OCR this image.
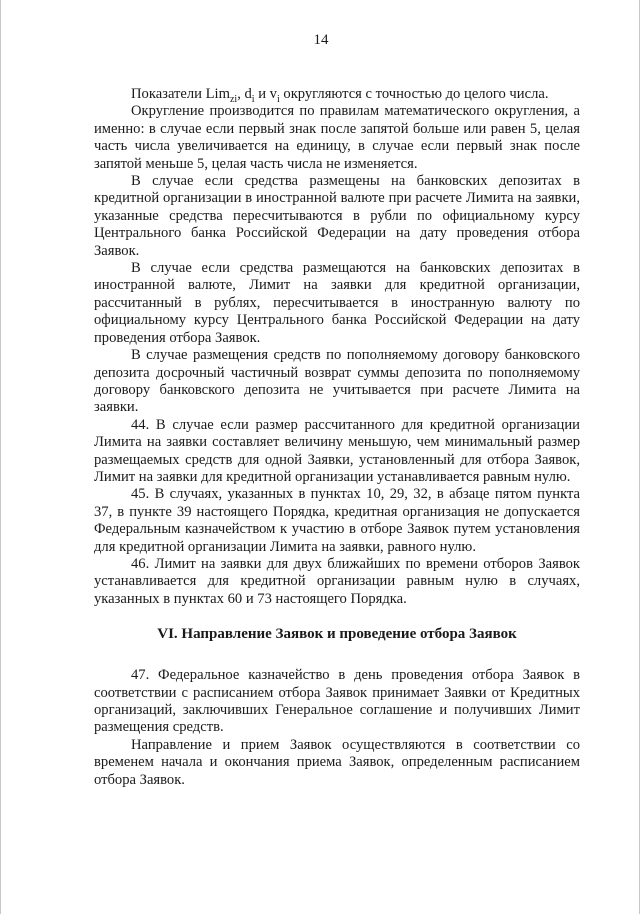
14

Показатели Lim$_{zi}$, $d_i$ и $v_i$ округляются с точностью до целого числа.

Округление производится по правилам математического округления, а именно: в случае если первый знак после запятой больше или равен 5, целая часть числа увеличивается на единицу, в случае если первый знак после запятой меньше 5, целая часть числа не изменяется.

В случае если средства размещены на банковских депозитах в кредитной организации в иностранной валюте при расчете Лимита на заявки, указанные средства пересчитываются в рубли по официальному курсу Центрального банка Российской Федерации на дату проведения отбора Заявок.

В случае если средства размещаются на банковских депозитах в иностранной валюте, Лимит на заявки для кредитной организации, рассчитанный в рублях, пересчитывается в иностранную валюту по официальному курсу Центрального банка Российской Федерации на дату проведения отбора Заявок.

В случае размещения средств по пополняемому договору банковского депозита досрочный частичный возврат суммы депозита по пополняемому договору банковского депозита не учитывается при расчете Лимита на заявки.

44. В случае если размер рассчитанного для кредитной организации Лимита на заявки составляет величину меньшую, чем минимальный размер размещаемых средств для одной Заявки, установленный для отбора Заявок, Лимит на заявки для кредитной организации устанавливается равным нулю.

45. В случаях, указанных в пунктах 10, 29, 32, в абзаце пятом пункта 37, в пункте 39 настоящего Порядка, кредитная организация не допускается Федеральным казначейством к участию в отборе Заявок путем установления для кредитной организации Лимита на заявки, равного нулю.

46. Лимит на заявки для двух ближайших по времени отборов Заявок устанавливается для кредитной организации равным нулю в случаях, указанных в пунктах 60 и 73 настоящего Порядка.

VI. Направление Заявок и проведение отбора Заявок

47. Федеральное казначейство в день проведения отбора Заявок в соответствии с расписанием отбора Заявок принимает Заявки от Кредитных организаций, заключивших Генеральное соглашение и получивших Лимит размещения средств.

Направление и прием Заявок осуществляются в соответствии со временем начала и окончания приема Заявок, определенным расписанием отбора Заявок.
